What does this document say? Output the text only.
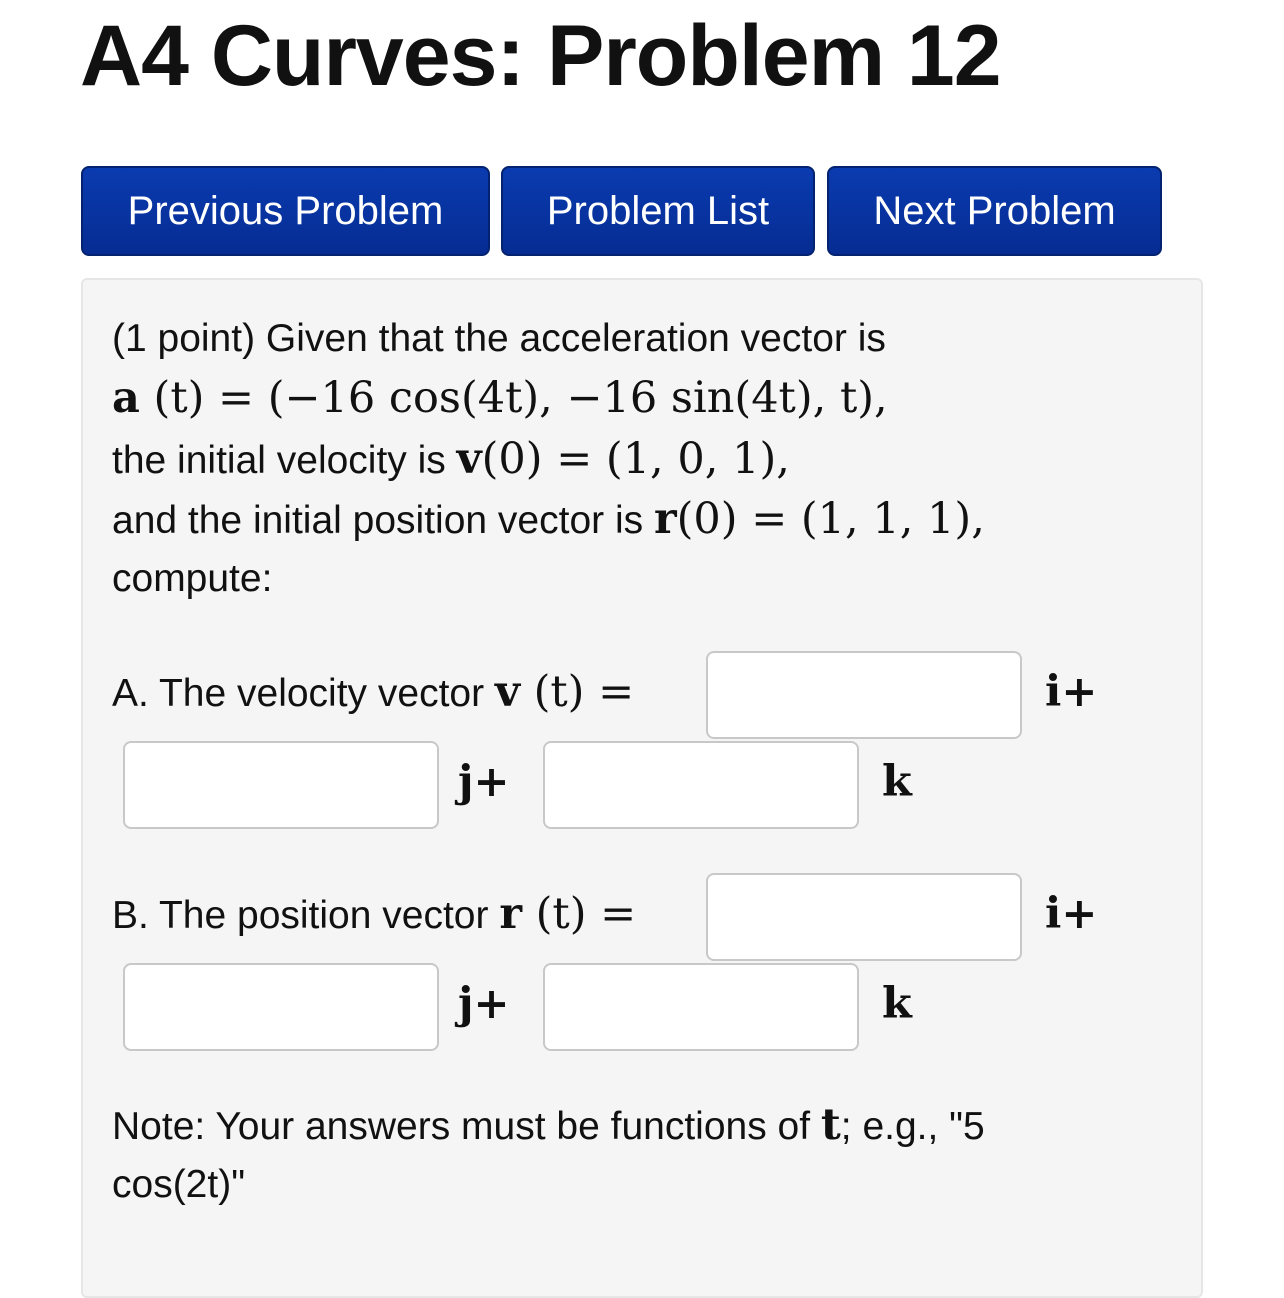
A4 Curves: Problem 12
Previous Problem	Problem List	Next Problem
(1 point) Given that the acceleration vector is
a (t) = (−16 cos(4t), −16 sin(4t), t),
the initial velocity is v(0) = (1, 0, 1),
and the initial position vector is r(0) = (1, 1, 1),
compute:
A. The velocity vector v (t) =	i+
j+	k
B. The position vector r (t) =	i+
j+	k
Note: Your answers must be functions of t; e.g., "5
cos(2t)"
